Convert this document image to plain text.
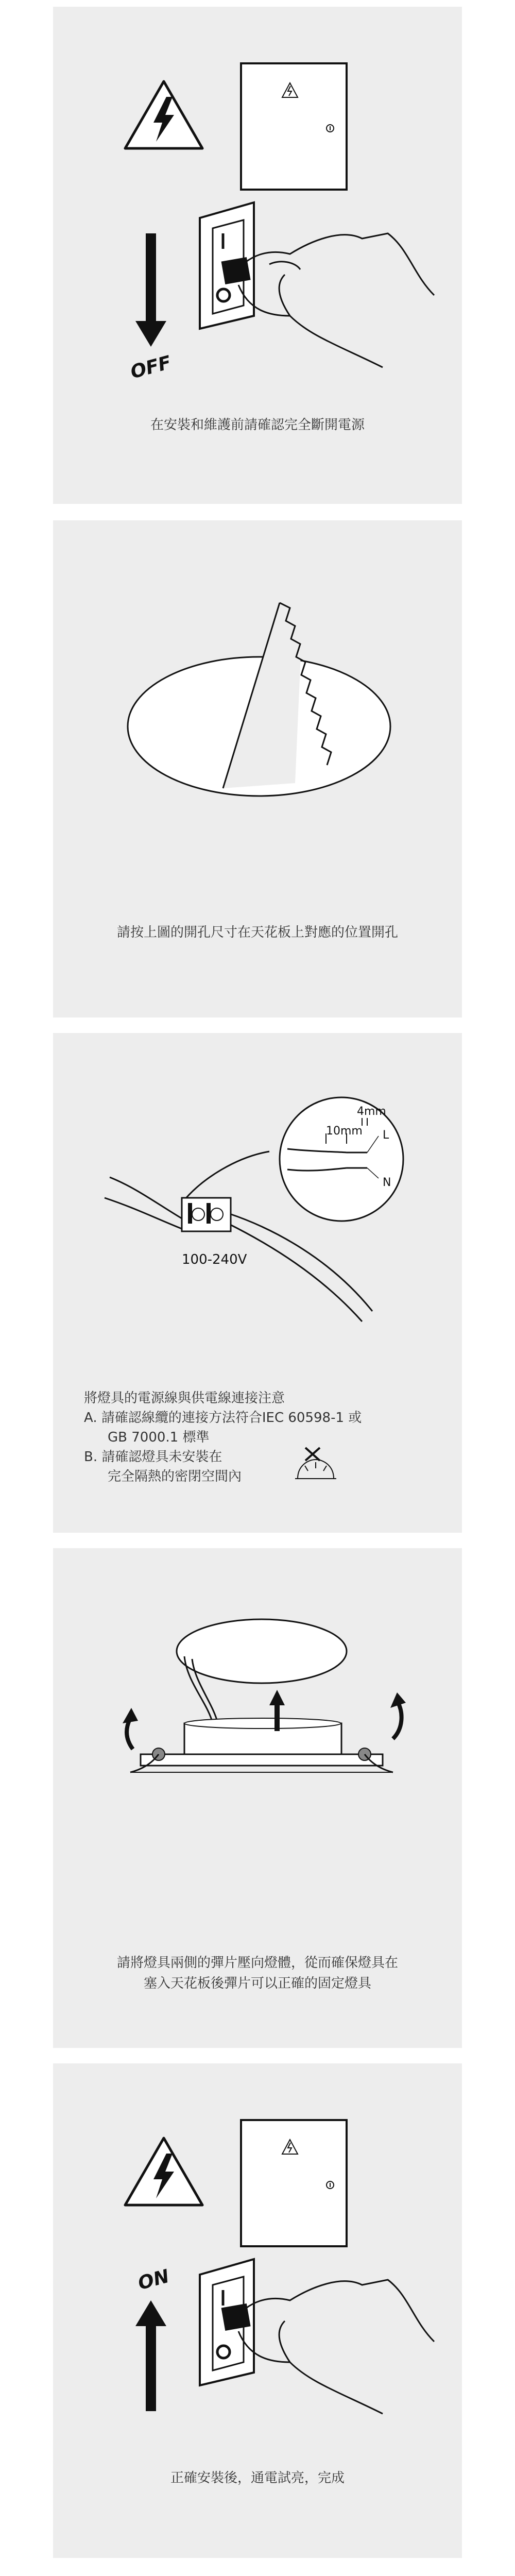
OFF
在安裝和維護前請確認完全斷開電源
請按上圖的開孔尺寸在天花板上對應的位置開孔
4mm
10mm L
N
100-240V
將燈具的電源線與供電線連接注意
A. 請確認線纜的連接方法符合IEC 60598-1 或
GB 7000.1 標準
B. 請確認燈具未安裝在
完全隔熱的密閉空間內
請將燈具兩側的彈片壓向燈體，從而確保燈具在
塞入天花板後彈片可以正確的固定燈具
ON
正確安裝後，通電試亮，完成
